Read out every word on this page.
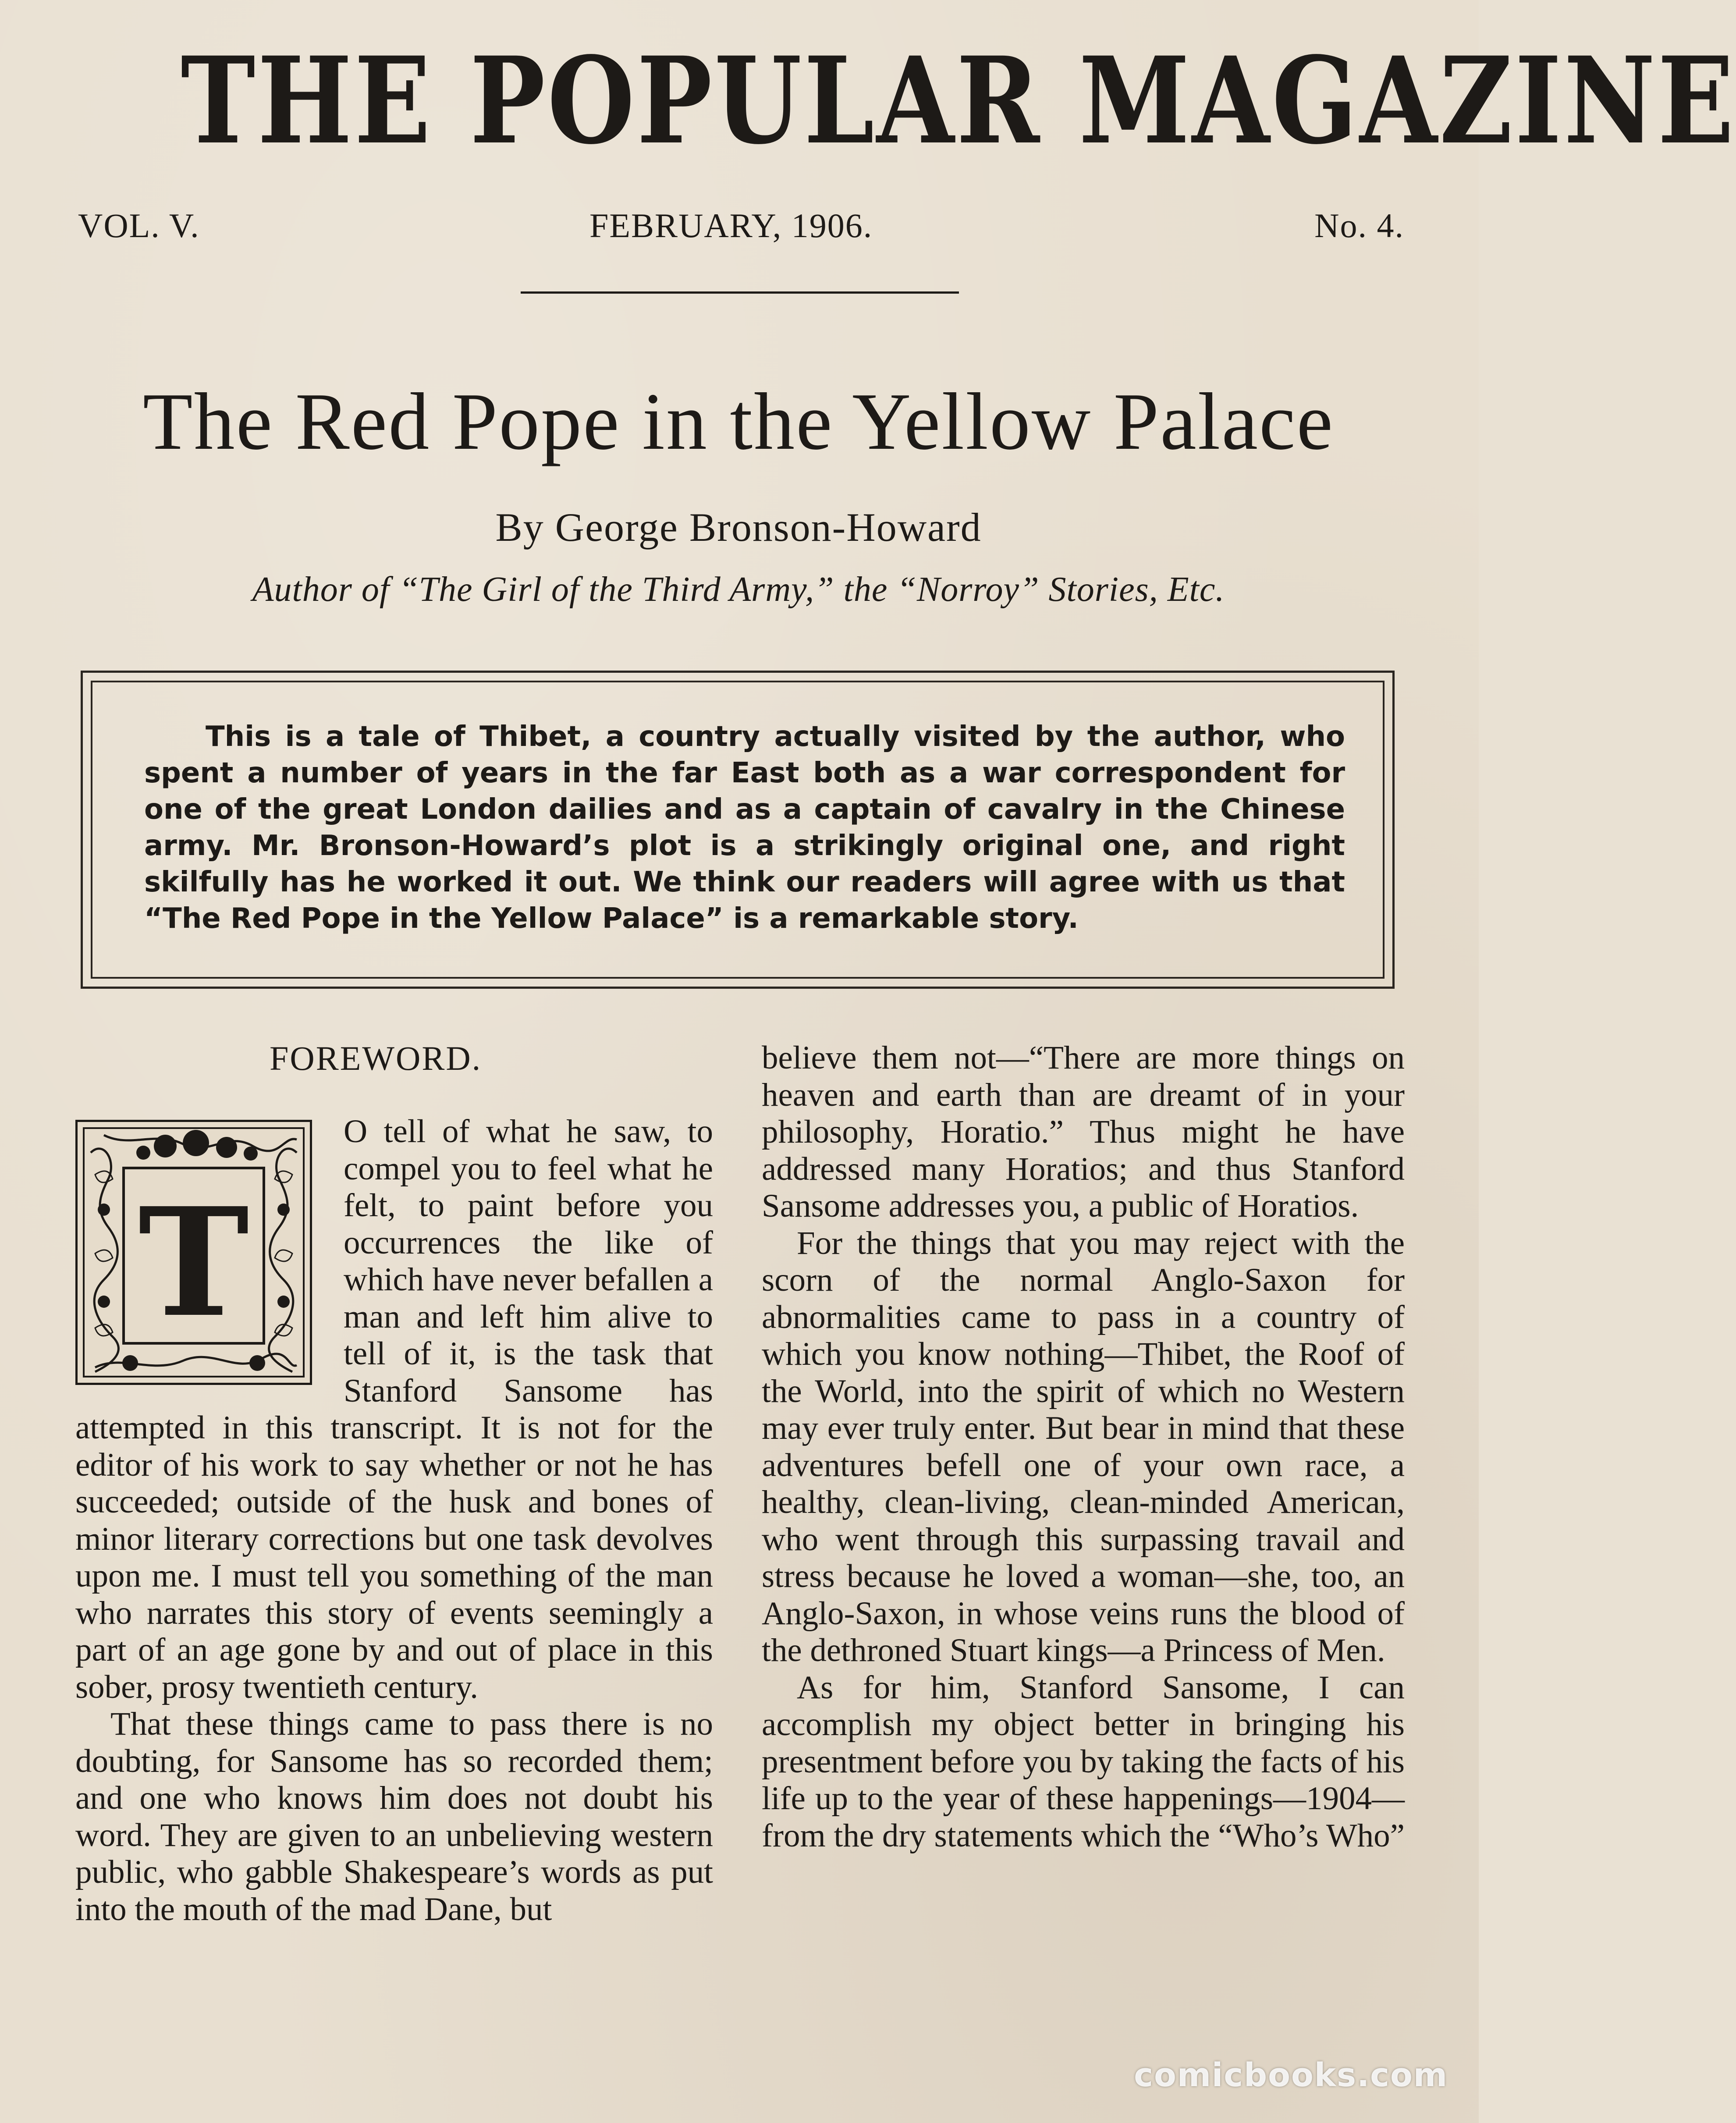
THE POPULAR MAGAZINE
VOL. V.	FEBRUARY, 1906.	No. 4.
The Red Pope in the Yellow Palace
By George Bronson-Howard
Author of “The Girl of the Third Army,” the “Norroy” Stories, Etc.
This is a tale of Thibet, a country actually visited by the author, who spent a number of years in the far East both as a war correspondent for one of the great London dailies and as a captain of cavalry in the Chinese army. Mr. Bronson-Howard’s plot is a strikingly original one, and right skilfully has he worked it out. We think our readers will agree with us that “The Red Pope in the Yellow Palace” is a remarkable story.
FOREWORD.
T

O tell of what he saw, to compel you to feel what he felt, to paint before you occurrences the like of which have never befallen a man and left him alive to tell of it, is the task that Stanford Sansome has attempted in this transcript. It is not for the editor of his work to say whether or not he has succeeded; outside of the husk and bones of minor literary corrections but one task devolves upon me. I must tell you something of the man who narrates this story of events seemingly a part of an age gone by and out of place in this sober, prosy twentieth century.

That these things came to pass there is no doubting, for Sansome has so recorded them; and one who knows him does not doubt his word. They are given to an unbelieving western public, who gabble Shakespeare’s words as put into the mouth of the mad Dane, but

believe them not—“There are more things on heaven and earth than are dreamt of in your philosophy, Horatio.” Thus might he have addressed many Horatios; and thus Stanford Sansome addresses you, a public of Horatios.

For the things that you may reject with the scorn of the normal Anglo-Saxon for abnormalities came to pass in a country of which you know nothing—Thibet, the Roof of the World, into the spirit of which no Western may ever truly enter. But bear in mind that these adventures befell one of your own race, a healthy, clean-living, clean-minded American, who went through this surpassing travail and stress because he loved a woman—she, too, an Anglo-Saxon, in whose veins runs the blood of the dethroned Stuart kings—a Princess of Men.

As for him, Stanford Sansome, I can accomplish my object better in bringing his presentment before you by taking the facts of his life up to the year of these happenings—1904—from the dry statements which the “Who’s Who”

comicbooks.com
